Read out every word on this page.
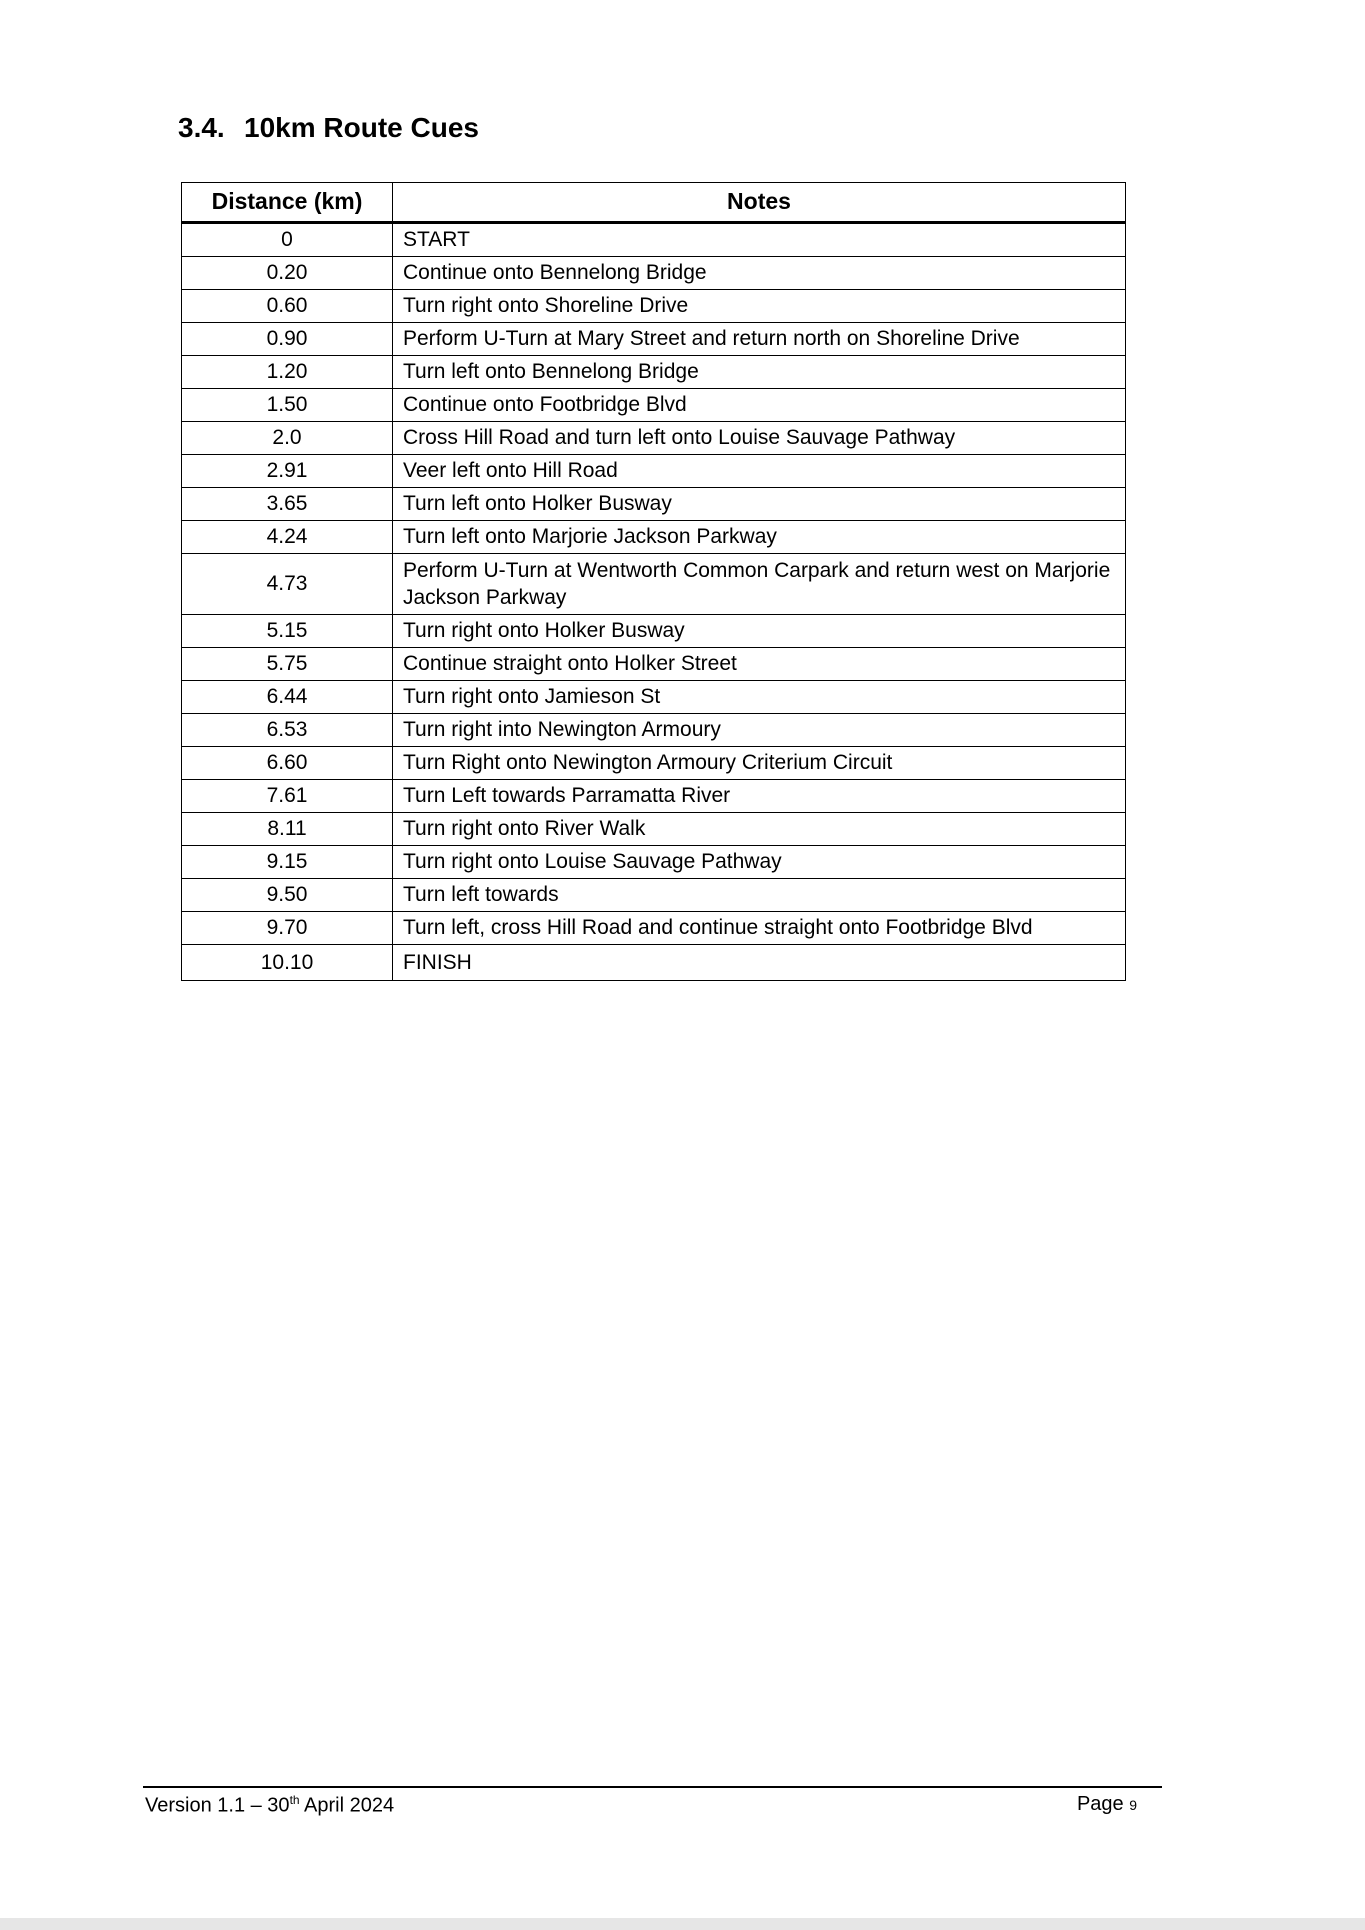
3.4. 10km Route Cues
Distance (km)	Notes
0	START
0.20	Continue onto Bennelong Bridge
0.60	Turn right onto Shoreline Drive
0.90	Perform U-Turn at Mary Street and return north on Shoreline Drive
1.20	Turn left onto Bennelong Bridge
1.50	Continue onto Footbridge Blvd
2.0	Cross Hill Road and turn left onto Louise Sauvage Pathway
2.91	Veer left onto Hill Road
3.65	Turn left onto Holker Busway
4.24	Turn left onto Marjorie Jackson Parkway
4.73	Perform U-Turn at Wentworth Common Carpark and return west on Marjorie Jackson Parkway
5.15	Turn right onto Holker Busway
5.75	Continue straight onto Holker Street
6.44	Turn right onto Jamieson St
6.53	Turn right into Newington Armoury
6.60	Turn Right onto Newington Armoury Criterium Circuit
7.61	Turn Left towards Parramatta River
8.11	Turn right onto River Walk
9.15	Turn right onto Louise Sauvage Pathway
9.50	Turn left towards
9.70	Turn left, cross Hill Road and continue straight onto Footbridge Blvd
10.10	FINISH
Version 1.1 – 30th April 2024	Page 9
